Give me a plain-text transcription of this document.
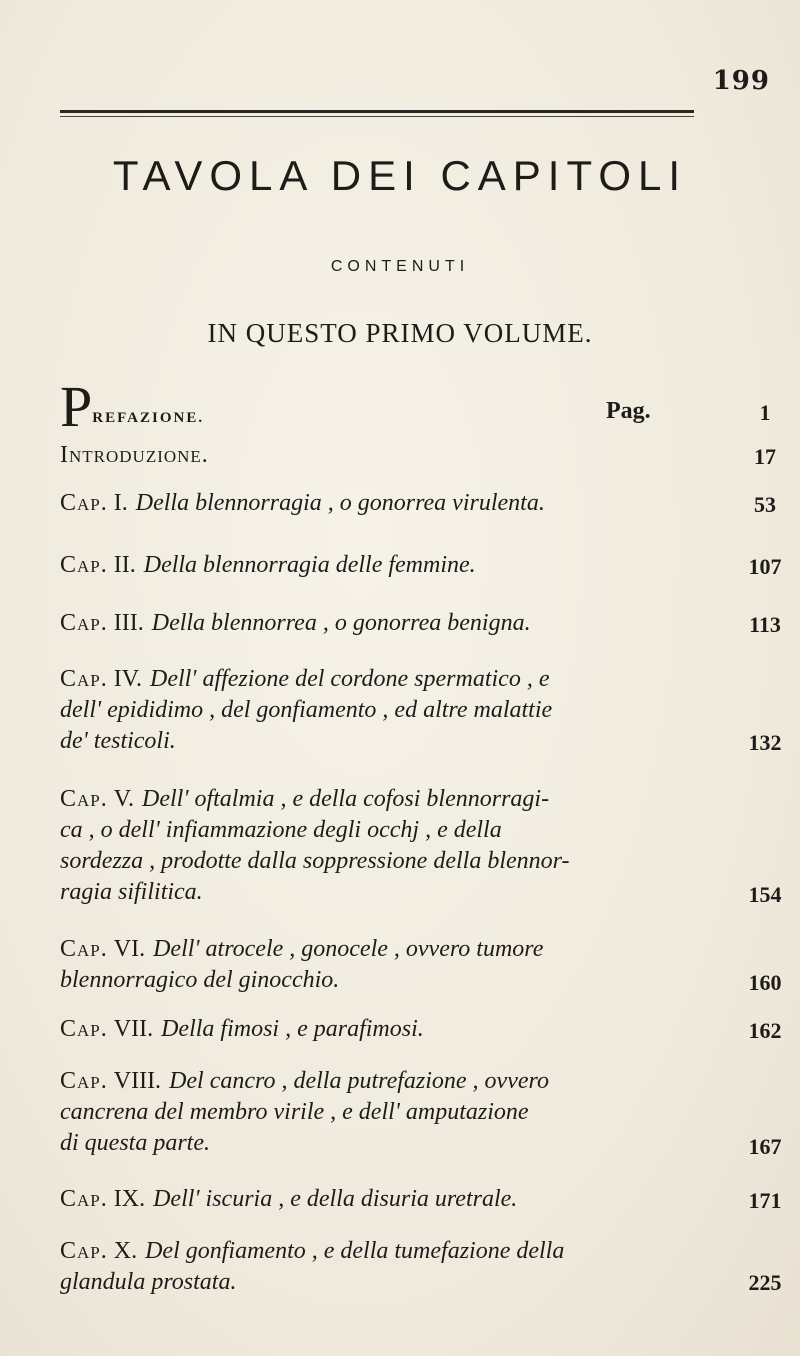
199
TAVOLA DEI CAPITOLI
CONTENUTI
IN QUESTO PRIMO VOLUME.
PREFAZIONE.	Pag.	1
Introduzione.	17
Cap. I. Della blennorragia , o gonorrea virulenta.	53
Cap. II. Della blennorragia delle femmine.	107
Cap. III. Della blennorrea , o gonorrea benigna.	113
Cap. IV. Dell' affezione del cordone spermatico , e
dell' epididimo , del gonfiamento , ed altre malattie
de' testicoli.	132
Cap. V. Dell' oftalmia , e della cofosi blennorragi-
ca , o dell' infiammazione degli occhj , e della
sordezza , prodotte dalla soppressione della blennor-
ragia sifilitica.	154
Cap. VI. Dell' atrocele , gonocele , ovvero tumore
blennorragico del ginocchio.	160
Cap. VII. Della fimosi , e parafimosi.	162
Cap. VIII. Del cancro , della putrefazione , ovvero
cancrena del membro virile , e dell' amputazione
di questa parte.	167
Cap. IX. Dell' iscuria , e della disuria uretrale.	171
Cap. X. Del gonfiamento , e della tumefazione della
glandula prostata.	225
